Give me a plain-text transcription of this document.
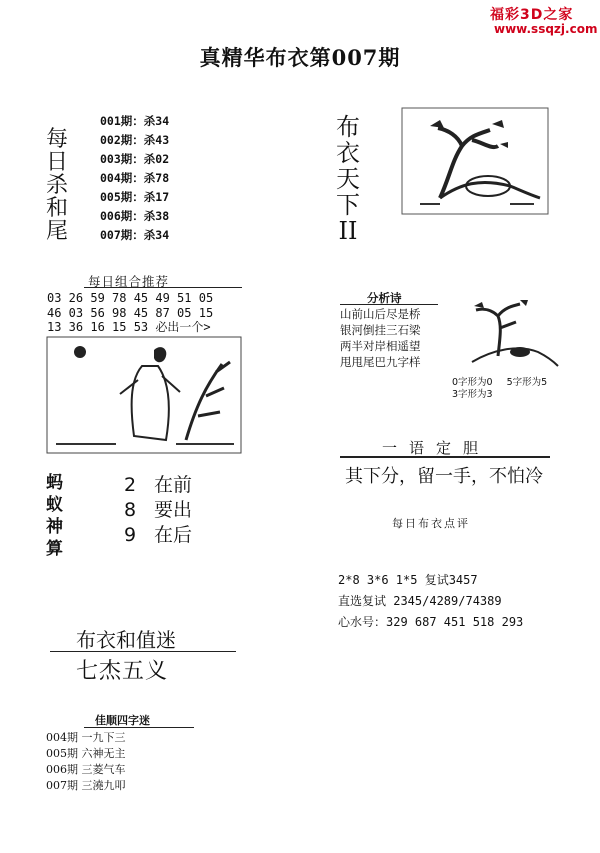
福彩3D之家
www.ssqzj.com
真精华布衣第007期
每
日
杀
和
尾
001期：杀34
002期：杀43
003期：杀02
004期：杀78
005期：杀17
006期：杀38
007期：杀34
布
衣
天
下
II
每日组合推荐
03 26 59 78 45 49 51 05
46 03 56 98 45 87 05 15
13 36 16 15 53 必出一个>
蚂
蚁
神
算
2 在前
8 要出
9 在后
布衣和值迷
七杰五义
佳顺四字迷
004期 一九下三
005期 六神无主
006期 三菱气车
007期 三澆九叩
分析诗
山前山后尽是桥
银河倒挂三石梁
两半对岸相遥望
甩甩尾巴九字样
0字形为0 5字形为5
3字形为3
一语定胆
其下分，留一手，不怕冷
每日布衣点评
2*8 3*6 1*5 复试3457
直选复试 2345/4289/74389
心水号：329 687 451 518 293
